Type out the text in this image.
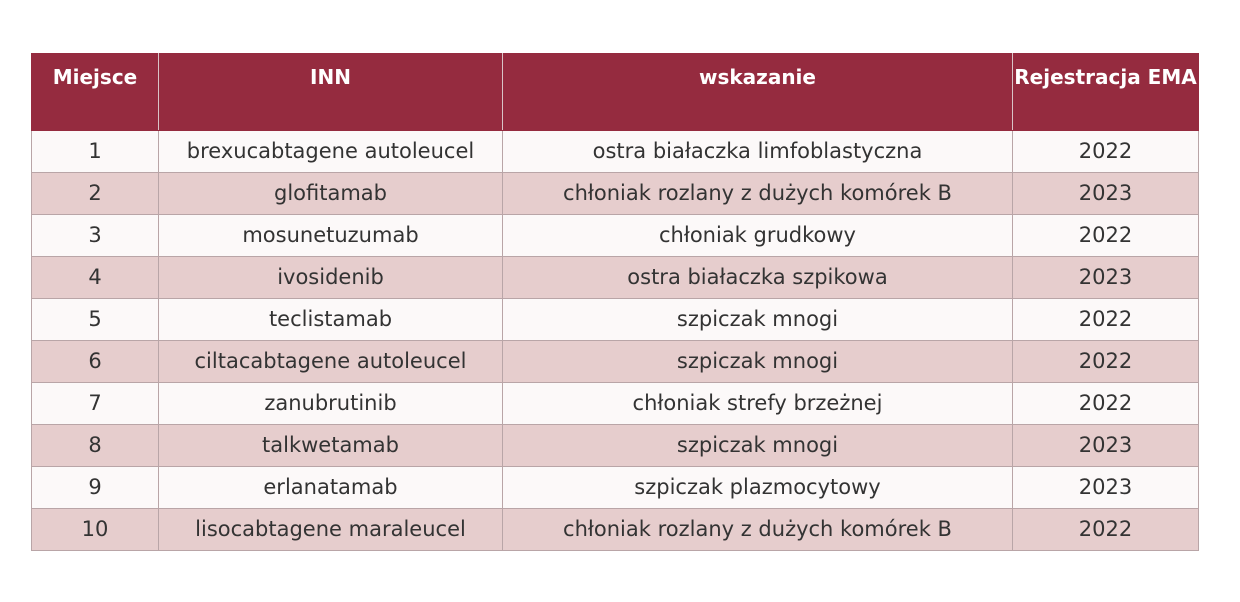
Miejsce	INN	wskazanie	Rejestracja EMA
1	brexucabtagene autoleucel	ostra białaczka limfoblastyczna	2022
2	glofitamab	chłoniak rozlany z dużych komórek B	2023
3	mosunetuzumab	chłoniak grudkowy	2022
4	ivosidenib	ostra białaczka szpikowa	2023
5	teclistamab	szpiczak mnogi	2022
6	ciltacabtagene autoleucel	szpiczak mnogi	2022
7	zanubrutinib	chłoniak strefy brzeżnej	2022
8	talkwetamab	szpiczak mnogi	2023
9	erlanatamab	szpiczak plazmocytowy	2023
10	lisocabtagene maraleucel	chłoniak rozlany z dużych komórek B	2022
